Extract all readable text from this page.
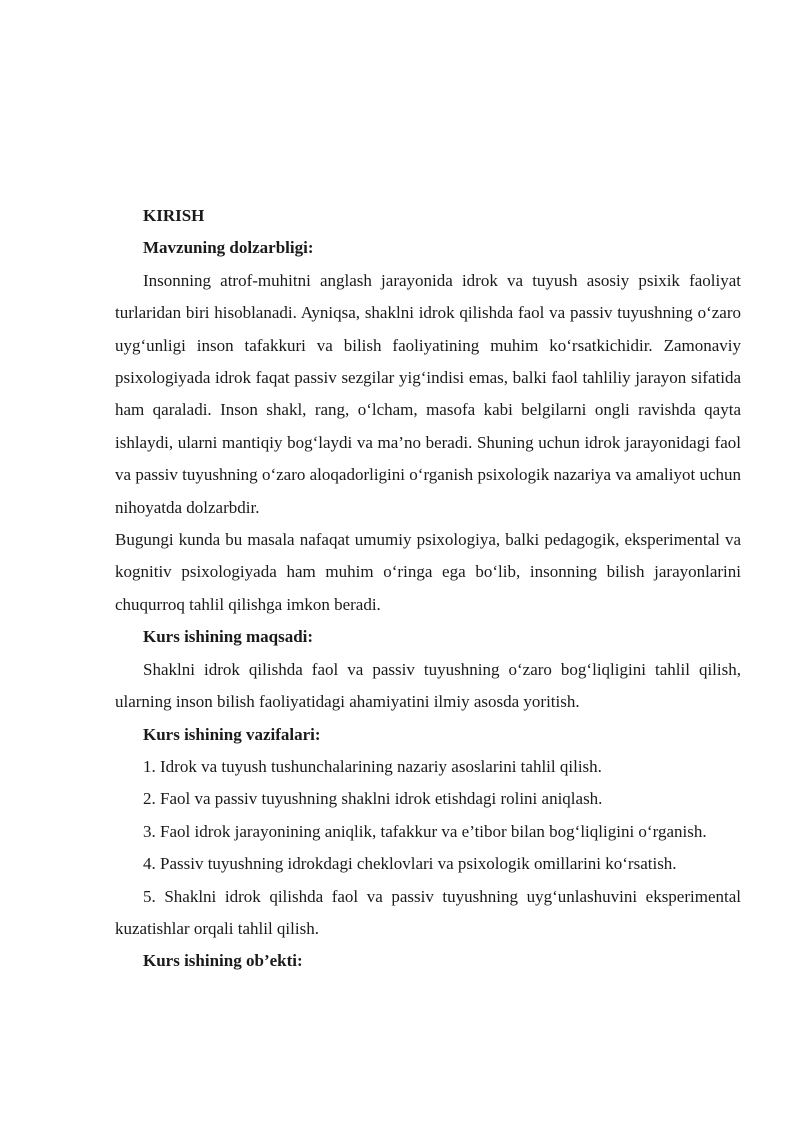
KIRISH

Mavzuning dolzarbligi:

Insonning atrof-muhitni anglash jarayonida idrok va tuyush asosiy psixik faoliyat turlaridan biri hisoblanadi. Ayniqsa, shaklni idrok qilishda faol va passiv tuyushning oʻzaro uygʻunligi inson tafakkuri va bilish faoliyatining muhim koʻrsatkichidir. Zamonaviy psixologiyada idrok faqat passiv sezgilar yigʻindisi emas, balki faol tahliliy jarayon sifatida ham qaraladi. Inson shakl, rang, oʻlcham, masofa kabi belgilarni ongli ravishda qayta ishlaydi, ularni mantiqiy bogʻlaydi va ma’no beradi. Shuning uchun idrok jarayonidagi faol va passiv tuyushning oʻzaro aloqadorligini oʻrganish psixologik nazariya va amaliyot uchun nihoyatda dolzarbdir.

Bugungi kunda bu masala nafaqat umumiy psixologiya, balki pedagogik, eksperimental va kognitiv psixologiyada ham muhim oʻringa ega boʻlib, insonning bilish jarayonlarini chuqurroq tahlil qilishga imkon beradi.

Kurs ishining maqsadi:

Shaklni idrok qilishda faol va passiv tuyushning oʻzaro bogʻliqligini tahlil qilish, ularning inson bilish faoliyatidagi ahamiyatini ilmiy asosda yoritish.

Kurs ishining vazifalari:

1. Idrok va tuyush tushunchalarining nazariy asoslarini tahlil qilish.

2. Faol va passiv tuyushning shaklni idrok etishdagi rolini aniqlash.

3. Faol idrok jarayonining aniqlik, tafakkur va e’tibor bilan bogʻliqligini oʻrganish.

4. Passiv tuyushning idrokdagi cheklovlari va psixologik omillarini koʻrsatish.

5. Shaklni idrok qilishda faol va passiv tuyushning uygʻunlashuvini eksperimental kuzatishlar orqali tahlil qilish.

Kurs ishining ob’ekti:
